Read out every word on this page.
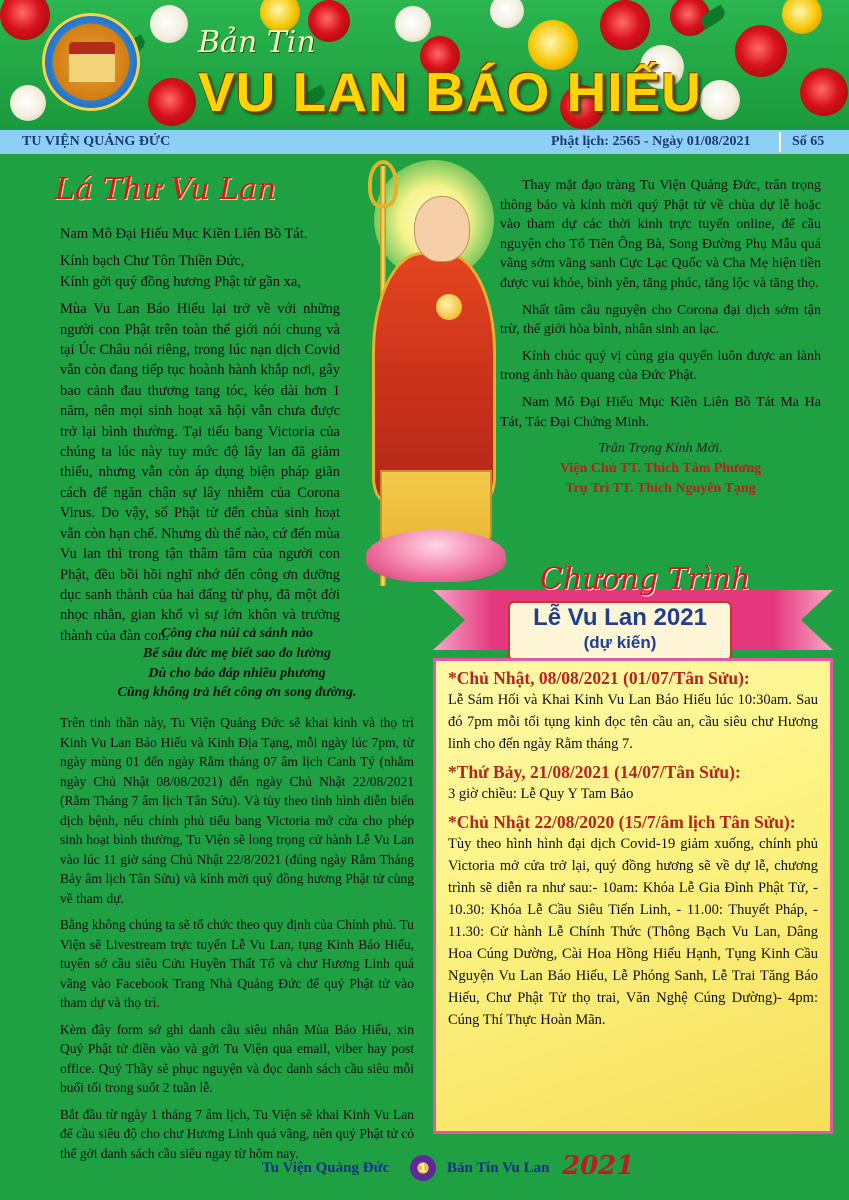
Bản Tin
VU LAN BÁO HIẾU
TU VIỆN QUẢNG ĐỨC	Phật lịch: 2565 - Ngày 01/08/2021	Số 65
Lá Thư Vu Lan

Nam Mô Đại Hiếu Mục Kiền Liên Bồ Tát.

Kính bạch Chư Tôn Thiền Đức,

Kính gởi quý đồng hương Phật tử gần xa,

Mùa Vu Lan Báo Hiếu lại trở về với những người con Phật trên toàn thế giới nói chung và tại Úc Châu nói riêng, trong lúc nạn dịch Covid vẫn còn đang tiếp tục hoành hành khắp nơi, gây bao cảnh đau thương tang tóc, kéo dài hơn 1 năm, nên mọi sinh hoạt xã hội vẫn chưa được trở lại bình thường. Tại tiểu bang Victoria của chúng ta lúc này tuy mức độ lây lan đã giảm thiểu, nhưng vẫn còn áp dụng biện pháp giãn cách để ngăn chận sự lây nhiễm của Corona Virus. Do vậy, số Phật tử đến chùa sinh hoạt vẫn còn hạn chế. Nhưng dù thế nào, cứ đến mùa Vu lan thì trong tận thâm tâm của người con Phật, đều bồi hồi nghĩ nhớ đến công ơn dưỡng dục sanh thành của hai đấng từ phụ, đã một đời nhọc nhằn, gian khổ vì sự lớn khôn và trưởng thành của đàn con.

Công cha núi cả sánh nào
Bể sâu đức mẹ biết sao đo lường
Dù cho báo đáp nhiều phương
Cũng không trả hết công ơn song đường.

Trên tinh thần này, Tu Viện Quảng Đức sẽ khai kinh và thọ trì Kinh Vu Lan Báo Hiếu và Kinh Địa Tạng, mỗi ngày lúc 7pm, từ ngày mùng 01 đến ngày Rằm tháng 07 âm lịch Canh Tý (nhằm ngày Chủ Nhật 08/08/2021) đến ngày Chủ Nhật 22/08/2021 (Rằm Tháng 7 âm lịch Tân Sửu). Và tùy theo tình hình diễn biến dịch bệnh, nếu chính phủ tiểu bang Victoria mở cửa cho phép sinh hoạt bình thường, Tu Viện sẽ long trọng cử hành Lễ Vu Lan vào lúc 11 giờ sáng Chủ Nhật 22/8/2021 (đúng ngày Rằm Tháng Bảy âm lịch Tân Sửu) và kính mời quý đồng hương Phật tử cùng về tham dự.

Bằng không chúng ta sẽ tổ chức theo quy định của Chính phủ. Tu Viện sẽ Livestream trực tuyến Lễ Vu Lan, tụng Kinh Báo Hiếu, tuyên sớ cầu siêu Cửu Huyền Thất Tổ và chư Hương Linh quá vãng vào Facebook Trang Nhà Quảng Đức để quý Phật tử vào tham dự và thọ trì.

Kèm đây form sớ ghi danh cầu siêu nhân Mùa Báo Hiếu, xin Quý Phật tử điền vào và gởi Tu Viện qua email, viber hay post office. Quý Thầy sẽ phục nguyện và đọc danh sách cầu siêu mỗi buổi tối trong suốt 2 tuần lễ.

Bắt đầu từ ngày 1 tháng 7 âm lịch, Tu Viện sẽ khai Kinh Vu Lan để cầu siêu độ cho chư Hương Linh quá vãng, nên quý Phật tử có thể gởi danh sách cầu siêu ngay từ hôm nay.

Thay mặt đạo tràng Tu Viện Quảng Đức, trân trọng thông báo và kính mời quý Phật tử về chùa dự lễ hoặc vào tham dự các thời kinh trực tuyến online, để cầu nguyện cho Tổ Tiên Ông Bà, Song Đường Phụ Mẫu quá vãng sớm vãng sanh Cực Lạc Quốc và Cha Mẹ hiện tiền được vui khỏe, bình yên, tăng phúc, tăng lộc và tăng thọ.

Nhất tâm cầu nguyện cho Corona đại dịch sớm tận trừ, thế giới hòa bình, nhân sinh an lạc.

Kính chúc quý vị cùng gia quyến luôn được an lành trong ánh hào quang của Đức Phật.

Nam Mô Đại Hiếu Mục Kiền Liên Bồ Tát Ma Ha Tát, Tác Đại Chứng Minh.

Trân Trọng Kính Mời.
Viện Chủ TT. Thích Tâm Phương
Trụ Trì TT. Thích Nguyên Tạng
Chương Trình
Lễ Vu Lan 2021
(dự kiến)
*Chủ Nhật, 08/08/2021 (01/07/Tân Sửu):
Lễ Sám Hối và Khai Kinh Vu Lan Báo Hiếu lúc 10:30am. Sau đó 7pm mỗi tối tụng kinh đọc tên cầu an, cầu siêu chư Hương linh cho đến ngày Rằm tháng 7.
*Thứ Bảy, 21/08/2021 (14/07/Tân Sửu):
3 giờ chiều: Lễ Quy Y Tam Bảo
*Chủ Nhật 22/08/2020 (15/7/âm lịch Tân Sửu):
Tùy theo hình hình đại dịch Covid-19 giảm xuống, chính phủ Victoria mở cửa trở lại, quý đồng hương sẽ về dự lễ, chương trình sẽ diễn ra như sau:- 10am: Khóa Lễ Gia Đình Phật Tử, - 10.30: Khóa Lễ Cầu Siêu Tiến Linh, - 11.00: Thuyết Pháp, - 11.30: Cử hành Lễ Chính Thức (Thông Bạch Vu Lan, Dâng Hoa Cúng Dường, Cài Hoa Hồng Hiếu Hạnh, Tụng Kinh Cầu Nguyện Vu Lan Báo Hiếu, Lễ Phóng Sanh, Lễ Trai Tăng Báo Hiếu, Chư Phật Tử thọ trai, Văn Nghệ Cúng Dường)- 4pm: Cúng Thí Thực Hoàn Mãn.
Tu Viện Quảng Đức	1	Bản Tin Vu Lan 2021
